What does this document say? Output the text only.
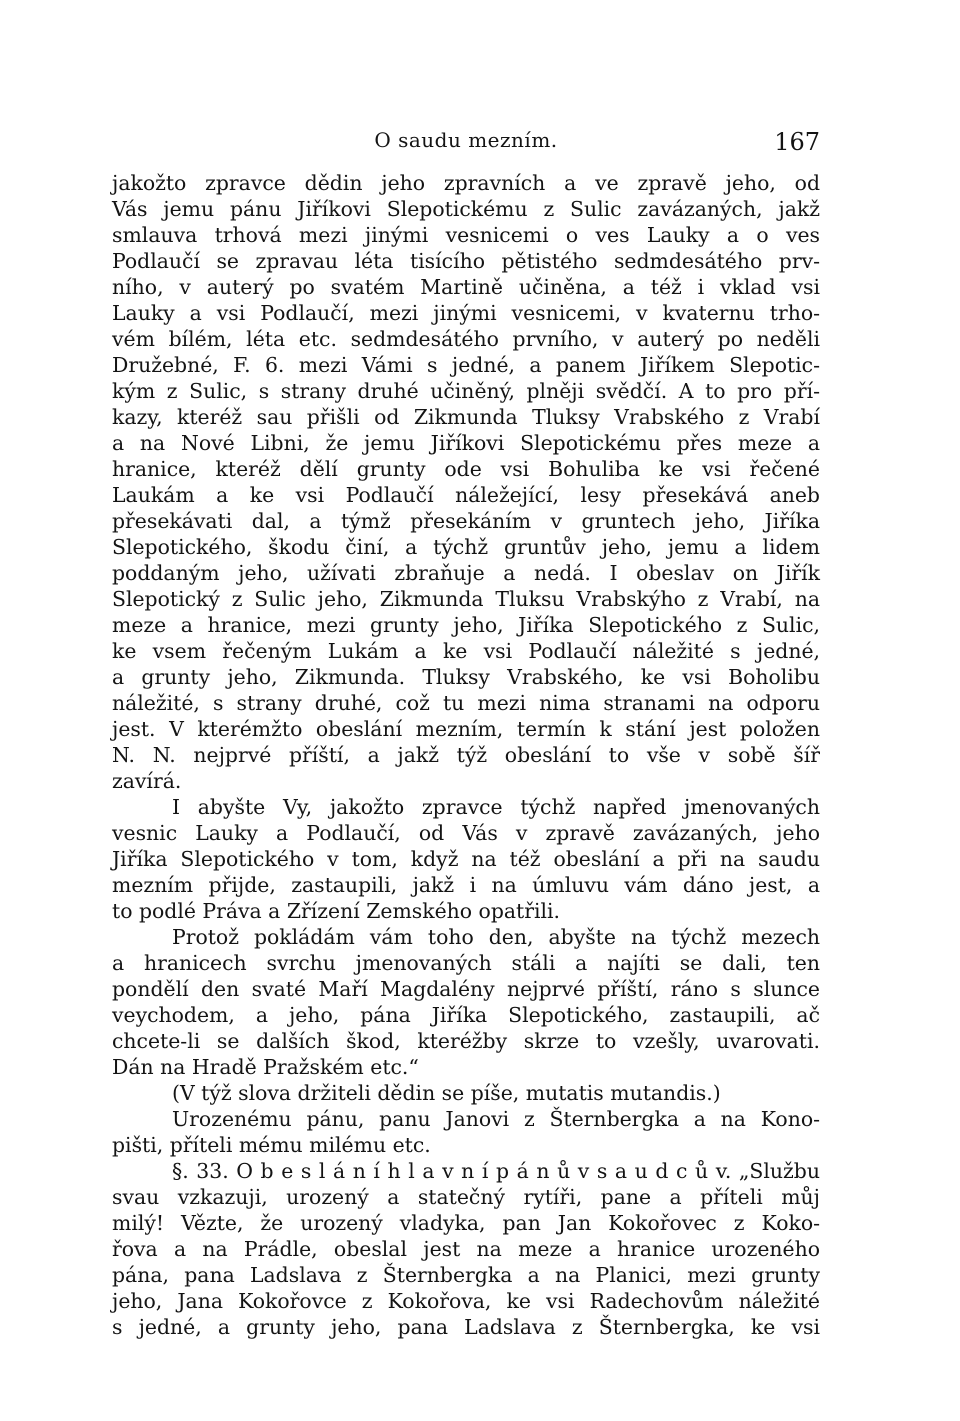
O saudu mezním.	167
jakožto zpravce dědin jeho zpravních a ve zpravě jeho, od
Vás jemu pánu Jiříkovi Slepotickému z Sulic zavázaných, jakž
smlauva trhová mezi jinými vesnicemi o ves Lauky a o ves
Podlaučí se zpravau léta tisícího pětistého sedmdesátého prv-
ního, v auterý po svatém Martině učiněna, a též i vklad vsi
Lauky a vsi Podlaučí, mezi jinými vesnicemi, v kvaternu trho-
vém bílém, léta etc. sedmdesátého prvního, v auterý po neděli
Družebné, F. 6. mezi Vámi s jedné, a panem Jiříkem Slepotic-
kým z Sulic, s strany druhé učiněný, plněji svědčí. A to pro pří-
kazy, kteréž sau přišli od Zikmunda Tluksy Vrabského z Vrabí
a na Nové Libni, že jemu Jiříkovi Slepotickému přes meze a
hranice, kteréž dělí grunty ode vsi Bohuliba ke vsi řečené
Laukám a ke vsi Podlaučí náležející, lesy přesekává aneb
přesekávati dal, a týmž přesekáním v gruntech jeho, Jiříka
Slepotického, škodu činí, a týchž gruntův jeho, jemu a lidem
poddaným jeho, užívati zbraňuje a nedá. I obeslav on Jiřík
Slepotický z Sulic jeho, Zikmunda Tluksu Vrabskýho z Vrabí, na
meze a hranice, mezi grunty jeho, Jiříka Slepotického z Sulic,
ke vsem řečeným Lukám a ke vsi Podlaučí náležité s jedné,
a grunty jeho, Zikmunda. Tluksy Vrabského, ke vsi Boholibu
náležité, s strany druhé, což tu mezi nima stranami na odporu
jest. V kterémžto obeslání mezním, termín k stání jest položen
N. N. nejprvé příští, a jakž týž obeslání to vše v sobě šíř
zavírá.
I abyšte Vy, jakožto zpravce týchž napřed jmenovaných
vesnic Lauky a Podlaučí, od Vás v zpravě zavázaných, jeho
Jiříka Slepotického v tom, když na též obeslání a při na saudu
mezním přijde, zastaupili, jakž i na úmluvu vám dáno jest, a
to podlé Práva a Zřízení Zemského opatřili.
Protož pokládám vám toho den, abyšte na týchž mezech
a hranicech svrchu jmenovaných stáli a najíti se dali, ten
pondělí den svaté Maří Magdalény nejprvé příští, ráno s slunce
veychodem, a jeho, pána Jiříka Slepotického, zastaupili, ač
chcete-li se dalších škod, kteréžby skrze to vzešly, uvarovati.
Dán na Hradě Pražském etc.“
(V týž slova držiteli dědin se píše, mutatis mutandis.)
Urozenému pánu, panu Janovi z Šternbergka a na Kono-
pišti, příteli mému milému etc.
§. 33. O b e s l á n í h l a v n í p á n ů v s a u d c ů v. „Službu
svau vzkazuji, urozený a statečný rytíři, pane a příteli můj
milý! Vězte, že urozený vladyka, pan Jan Kokořovec z Koko-
řova a na Prádle, obeslal jest na meze a hranice urozeného
pána, pana Ladslava z Šternbergka a na Planici, mezi grunty
jeho, Jana Kokořovce z Kokořova, ke vsi Radechovům náležité
s jedné, a grunty jeho, pana Ladslava z Šternbergka, ke vsi
